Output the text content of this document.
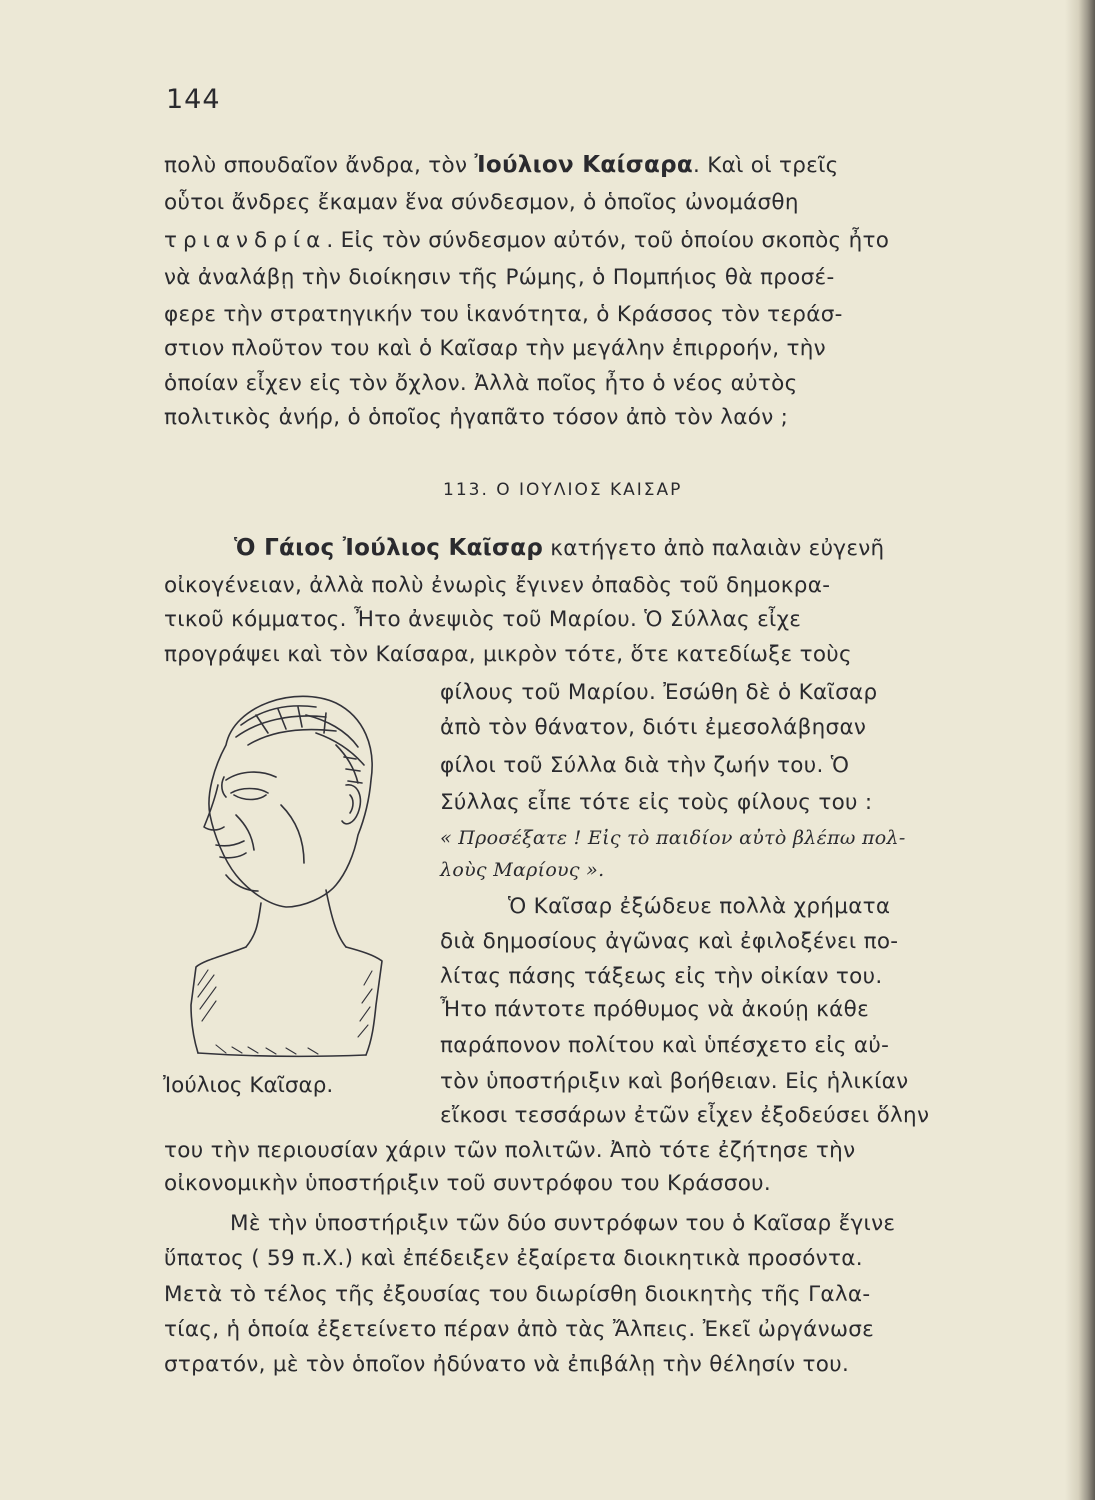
144
πολὺ σπουδαῖον ἄνδρα, τὸν Ἰούλιον Καίσαρα. Καὶ οἱ τρεῖς
οὗτοι ἄνδρες ἔκαμαν ἕνα σύνδεσμον, ὁ ὁποῖος ὠνομάσθη
τριανδρία. Εἰς τὸν σύνδεσμον αὐτόν, τοῦ ὁποίου σκοπὸς ἦτο
νὰ ἀναλάβῃ τὴν διοίκησιν τῆς Ρώμης, ὁ Πομπήιος θὰ προσέ-
φερε τὴν στρατηγικήν του ἱκανότητα, ὁ Κράσσος τὸν τεράσ-
στιον πλοῦτον του καὶ ὁ Καῖσαρ τὴν μεγάλην ἐπιρροήν, τὴν
ὁποίαν εἶχεν εἰς τὸν ὄχλον. Ἀλλὰ ποῖος ἦτο ὁ νέος αὐτὸς
πολιτικὸς ἀνήρ, ὁ ὁποῖος ἠγαπᾶτο τόσον ἀπὸ τὸν λαόν ;
113. Ο ΙΟΥΛΙΟΣ ΚΑΙΣΑΡ
Ὁ Γάιος Ἰούλιος Καῖσαρ κατήγετο ἀπὸ παλαιὰν εὐγενῆ
οἰκογένειαν, ἀλλὰ πολὺ ἐνωρὶς ἔγινεν ὀπαδὸς τοῦ δημοκρα-
τικοῦ κόμματος. Ἦτο ἀνεψιὸς τοῦ Μαρίου. Ὁ Σύλλας εἶχε
προγράψει καὶ τὸν Καίσαρα, μικρὸν τότε, ὅτε κατεδίωξε τοὺς
φίλους τοῦ Μαρίου. Ἐσώθη δὲ ὁ Καῖσαρ
ἀπὸ τὸν θάνατον, διότι ἐμεσολάβησαν
φίλοι τοῦ Σύλλα διὰ τὴν ζωήν του. Ὁ
Σύλλας εἶπε τότε εἰς τοὺς φίλους του :
« Προσέξατε ! Εἰς τὸ παιδίον αὐτὸ βλέπω πολ-
λοὺς Μαρίους ».
Ὁ Καῖσαρ ἐξώδευε πολλὰ χρήματα
διὰ δημοσίους ἀγῶνας καὶ ἐφιλοξένει πο-
λίτας πάσης τάξεως εἰς τὴν οἰκίαν του.
Ἦτο πάντοτε πρόθυμος νὰ ἀκούῃ κάθε
παράπονον πολίτου καὶ ὑπέσχετο εἰς αὐ-
τὸν ὑποστήριξιν καὶ βοήθειαν. Εἰς ἡλικίαν
εἴκοσι τεσσάρων ἐτῶν εἶχεν ἐξοδεύσει ὅλην
του τὴν περιουσίαν χάριν τῶν πολιτῶν. Ἀπὸ τότε ἐζήτησε τὴν
οἰκονομικὴν ὑποστήριξιν τοῦ συντρόφου του Κράσσου.
Μὲ τὴν ὑποστήριξιν τῶν δύο συντρόφων του ὁ Καῖσαρ ἔγινε
ὕπατος ( 59 π.Χ.) καὶ ἐπέδειξεν ἐξαίρετα διοικητικὰ προσόντα.
Μετὰ τὸ τέλος τῆς ἐξουσίας του διωρίσθη διοικητὴς τῆς Γαλα-
τίας, ἡ ὁποία ἐξετείνετο πέραν ἀπὸ τὰς Ἄλπεις. Ἐκεῖ ὠργάνωσε
στρατόν, μὲ τὸν ὁποῖον ἠδύνατο νὰ ἐπιβάλῃ τὴν θέλησίν του.
Ἰούλιος Καῖσαρ.
